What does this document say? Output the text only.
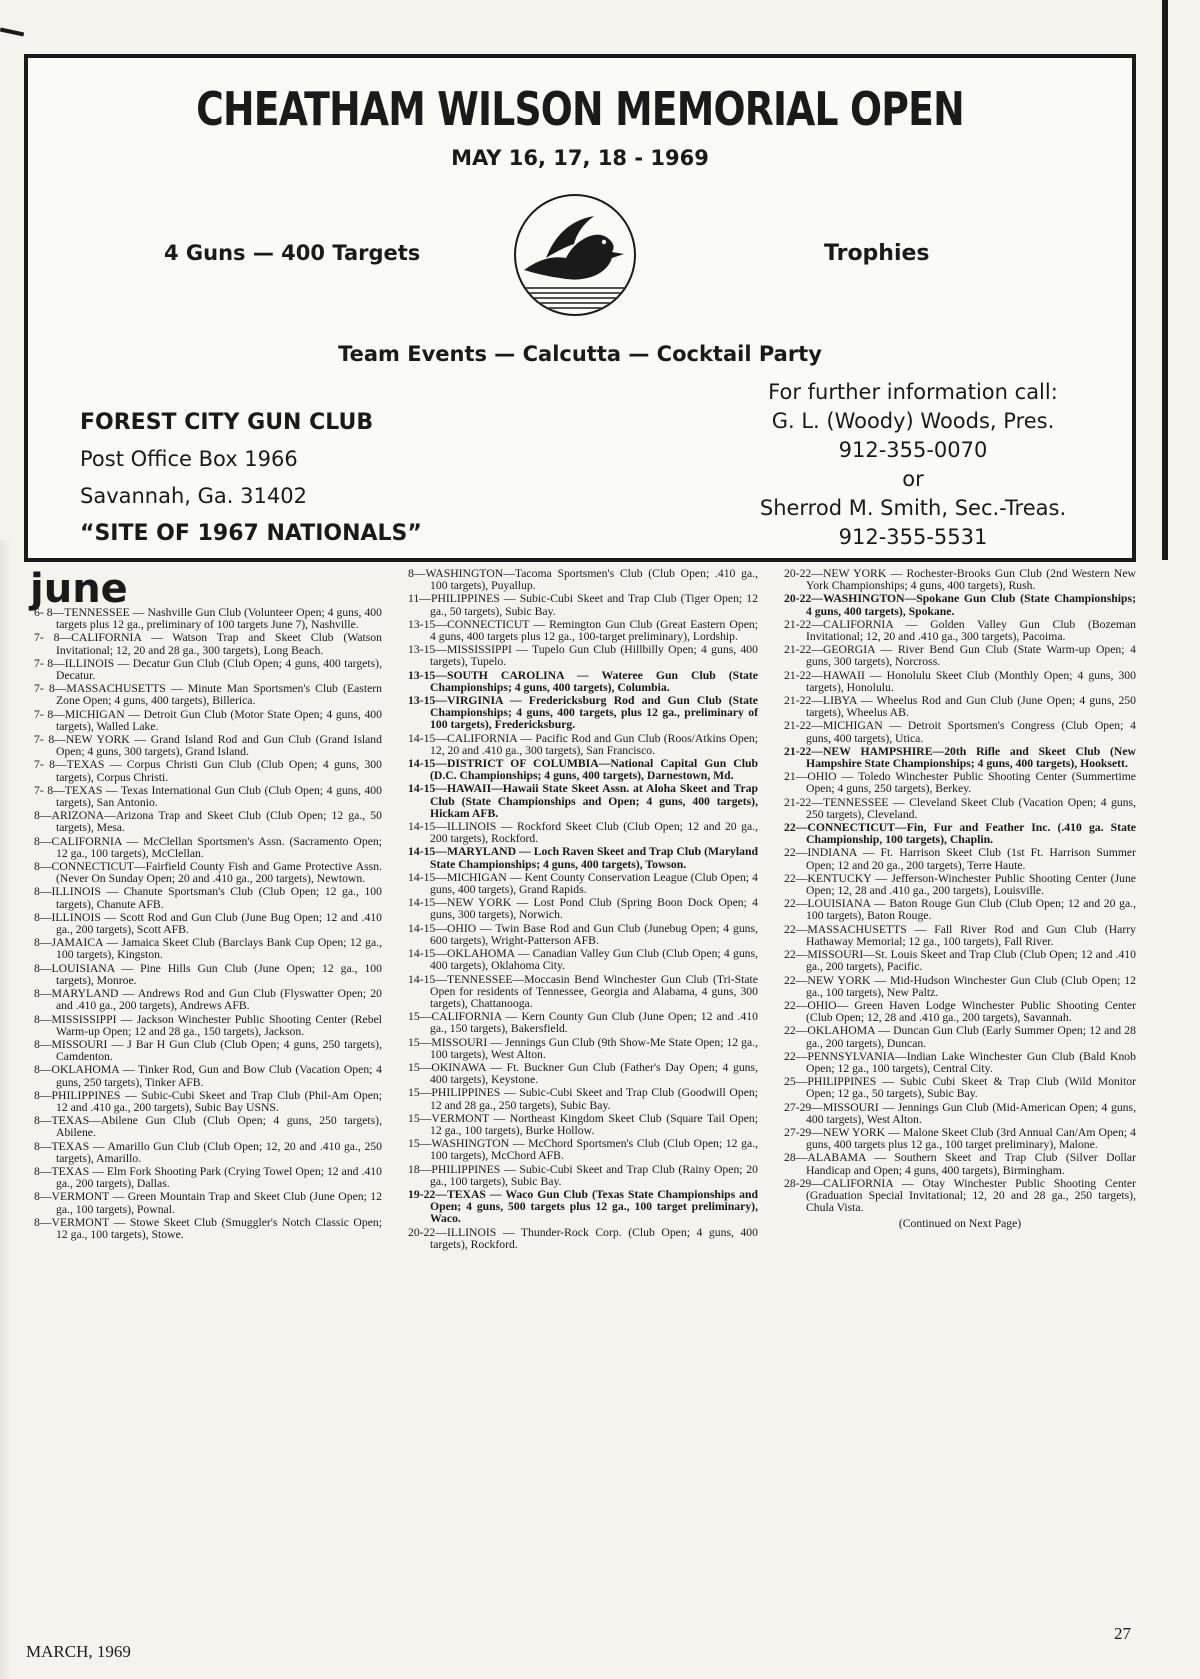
CHEATHAM WILSON MEMORIAL OPEN
MAY 16, 17, 18 - 1969
4 Guns — 400 Targets	Trophies
Team Events — Calcutta — Cocktail Party
FOREST CITY GUN CLUB
Post Office Box 1966
Savannah, Ga. 31402
“SITE OF 1967 NATIONALS”
For further information call:
G. L. (Woody) Woods, Pres.
912-355-0070
or
Sherrod M. Smith, Sec.-Treas.
912-355-5531
june
6- 8—TENNESSEE — Nashville Gun Club (Volunteer Open; 4 guns, 400 targets plus 12 ga., preliminary of 100 targets June 7), Nashville.
7- 8—CALIFORNIA — Watson Trap and Skeet Club (Watson Invitational; 12, 20 and 28 ga., 300 targets), Long Beach.
7- 8—ILLINOIS — Decatur Gun Club (Club Open; 4 guns, 400 targets), Decatur.
7- 8—MASSACHUSETTS — Minute Man Sportsmen's Club (Eastern Zone Open; 4 guns, 400 targets), Billerica.
7- 8—MICHIGAN — Detroit Gun Club (Motor State Open; 4 guns, 400 targets), Walled Lake.
7- 8—NEW YORK — Grand Island Rod and Gun Club (Grand Island Open; 4 guns, 300 targets), Grand Island.
7- 8—TEXAS — Corpus Christi Gun Club (Club Open; 4 guns, 300 targets), Corpus Christi.
7- 8—TEXAS — Texas International Gun Club (Club Open; 4 guns, 400 targets), San Antonio.
8—ARIZONA—Arizona Trap and Skeet Club (Club Open; 12 ga., 50 targets), Mesa.
8—CALIFORNIA — McClellan Sportsmen's Assn. (Sacramento Open; 12 ga., 100 targets), McClellan.
8—CONNECTICUT—Fairfield County Fish and Game Protective Assn. (Never On Sunday Open; 20 and .410 ga., 200 targets), Newtown.
8—ILLINOIS — Chanute Sportsman's Club (Club Open; 12 ga., 100 targets), Chanute AFB.
8—ILLINOIS — Scott Rod and Gun Club (June Bug Open; 12 and .410 ga., 200 targets), Scott AFB.
8—JAMAICA — Jamaica Skeet Club (Barclays Bank Cup Open; 12 ga., 100 targets), Kingston.
8—LOUISIANA — Pine Hills Gun Club (June Open; 12 ga., 100 targets), Monroe.
8—MARYLAND — Andrews Rod and Gun Club (Flyswatter Open; 20 and .410 ga., 200 targets), Andrews AFB.
8—MISSISSIPPI — Jackson Winchester Public Shooting Center (Rebel Warm-up Open; 12 and 28 ga., 150 targets), Jackson.
8—MISSOURI — J Bar H Gun Club (Club Open; 4 guns, 250 targets), Camdenton.
8—OKLAHOMA — Tinker Rod, Gun and Bow Club (Vacation Open; 4 guns, 250 targets), Tinker AFB.
8—PHILIPPINES — Subic-Cubi Skeet and Trap Club (Phil-Am Open; 12 and .410 ga., 200 targets), Subic Bay USNS.
8—TEXAS—Abilene Gun Club (Club Open; 4 guns, 250 targets), Abilene.
8—TEXAS — Amarillo Gun Club (Club Open; 12, 20 and .410 ga., 250 targets), Amarillo.
8—TEXAS — Elm Fork Shooting Park (Crying Towel Open; 12 and .410 ga., 200 targets), Dallas.
8—VERMONT — Green Mountain Trap and Skeet Club (June Open; 12 ga., 100 targets), Pownal.
8—VERMONT — Stowe Skeet Club (Smuggler's Notch Classic Open; 12 ga., 100 targets), Stowe.
8—WASHINGTON—Tacoma Sportsmen's Club (Club Open; .410 ga., 100 targets), Puyallup.
11—PHILIPPINES — Subic-Cubi Skeet and Trap Club (Tiger Open; 12 ga., 50 targets), Subic Bay.
13-15—CONNECTICUT — Remington Gun Club (Great Eastern Open; 4 guns, 400 targets plus 12 ga., 100-target preliminary), Lordship.
13-15—MISSISSIPPI — Tupelo Gun Club (Hillbilly Open; 4 guns, 400 targets), Tupelo.
13-15—SOUTH CAROLINA — Wateree Gun Club (State Championships; 4 guns, 400 targets), Columbia.
13-15—VIRGINIA — Fredericksburg Rod and Gun Club (State Championships; 4 guns, 400 targets, plus 12 ga., preliminary of 100 targets), Fredericksburg.
14-15—CALIFORNIA — Pacific Rod and Gun Club (Roos/Atkins Open; 12, 20 and .410 ga., 300 targets), San Francisco.
14-15—DISTRICT OF COLUMBIA—National Capital Gun Club (D.C. Championships; 4 guns, 400 targets), Darnestown, Md.
14-15—HAWAII—Hawaii State Skeet Assn. at Aloha Skeet and Trap Club (State Championships and Open; 4 guns, 400 targets), Hickam AFB.
14-15—ILLINOIS — Rockford Skeet Club (Club Open; 12 and 20 ga., 200 targets), Rockford.
14-15—MARYLAND — Loch Raven Skeet and Trap Club (Maryland State Championships; 4 guns, 400 targets), Towson.
14-15—MICHIGAN — Kent County Conservation League (Club Open; 4 guns, 400 targets), Grand Rapids.
14-15—NEW YORK — Lost Pond Club (Spring Boon Dock Open; 4 guns, 300 targets), Norwich.
14-15—OHIO — Twin Base Rod and Gun Club (Junebug Open; 4 guns, 600 targets), Wright-Patterson AFB.
14-15—OKLAHOMA — Canadian Valley Gun Club (Club Open; 4 guns, 400 targets), Oklahoma City.
14-15—TENNESSEE—Moccasin Bend Winchester Gun Club (Tri-State Open for residents of Tennessee, Georgia and Alabama, 4 guns, 300 targets), Chattanooga.
15—CALIFORNIA — Kern County Gun Club (June Open; 12 and .410 ga., 150 targets), Bakersfield.
15—MISSOURI — Jennings Gun Club (9th Show-Me State Open; 12 ga., 100 targets), West Alton.
15—OKINAWA — Ft. Buckner Gun Club (Father's Day Open; 4 guns, 400 targets), Keystone.
15—PHILIPPINES — Subic-Cubi Skeet and Trap Club (Goodwill Open; 12 and 28 ga., 250 targets), Subic Bay.
15—VERMONT — Northeast Kingdom Skeet Club (Square Tail Open; 12 ga., 100 targets), Burke Hollow.
15—WASHINGTON — McChord Sportsmen's Club (Club Open; 12 ga., 100 targets), McChord AFB.
18—PHILIPPINES — Subic-Cubi Skeet and Trap Club (Rainy Open; 20 ga., 100 targets), Subic Bay.
19-22—TEXAS — Waco Gun Club (Texas State Championships and Open; 4 guns, 500 targets plus 12 ga., 100 target preliminary), Waco.
20-22—ILLINOIS — Thunder-Rock Corp. (Club Open; 4 guns, 400 targets), Rockford.
20-22—NEW YORK — Rochester-Brooks Gun Club (2nd Western New York Championships; 4 guns, 400 targets), Rush.
20-22—WASHINGTON—Spokane Gun Club (State Championships; 4 guns, 400 targets), Spokane.
21-22—CALIFORNIA — Golden Valley Gun Club (Bozeman Invitational; 12, 20 and .410 ga., 300 targets), Pacoima.
21-22—GEORGIA — River Bend Gun Club (State Warm-up Open; 4 guns, 300 targets), Norcross.
21-22—HAWAII — Honolulu Skeet Club (Monthly Open; 4 guns, 300 targets), Honolulu.
21-22—LIBYA — Wheelus Rod and Gun Club (June Open; 4 guns, 250 targets), Wheelus AB.
21-22—MICHIGAN — Detroit Sportsmen's Congress (Club Open; 4 guns, 400 targets), Utica.
21-22—NEW HAMPSHIRE—20th Rifle and Skeet Club (New Hampshire State Championships; 4 guns, 400 targets), Hooksett.
21—OHIO — Toledo Winchester Public Shooting Center (Summertime Open; 4 guns, 250 targets), Berkey.
21-22—TENNESSEE — Cleveland Skeet Club (Vacation Open; 4 guns, 250 targets), Cleveland.
22—CONNECTICUT—Fin, Fur and Feather Inc. (.410 ga. State Championship, 100 targets), Chaplin.
22—INDIANA — Ft. Harrison Skeet Club (1st Ft. Harrison Summer Open; 12 and 20 ga., 200 targets), Terre Haute.
22—KENTUCKY — Jefferson-Winchester Public Shooting Center (June Open; 12, 28 and .410 ga., 200 targets), Louisville.
22—LOUISIANA — Baton Rouge Gun Club (Club Open; 12 and 20 ga., 100 targets), Baton Rouge.
22—MASSACHUSETTS — Fall River Rod and Gun Club (Harry Hathaway Memorial; 12 ga., 100 targets), Fall River.
22—MISSOURI—St. Louis Skeet and Trap Club (Club Open; 12 and .410 ga., 200 targets), Pacific.
22—NEW YORK — Mid-Hudson Winchester Gun Club (Club Open; 12 ga., 100 targets), New Paltz.
22—OHIO— Green Haven Lodge Winchester Public Shooting Center (Club Open; 12, 28 and .410 ga., 200 targets), Savannah.
22—OKLAHOMA — Duncan Gun Club (Early Summer Open; 12 and 28 ga., 200 targets), Duncan.
22—PENNSYLVANIA—Indian Lake Winchester Gun Club (Bald Knob Open; 12 ga., 100 targets), Central City.
25—PHILIPPINES — Subic Cubi Skeet & Trap Club (Wild Monitor Open; 12 ga., 50 targets), Subic Bay.
27-29—MISSOURI — Jennings Gun Club (Mid-American Open; 4 guns, 400 targets), West Alton.
27-29—NEW YORK — Malone Skeet Club (3rd Annual Can/Am Open; 4 guns, 400 targets plus 12 ga., 100 target preliminary), Malone.
28—ALABAMA — Southern Skeet and Trap Club (Silver Dollar Handicap and Open; 4 guns, 400 targets), Birmingham.
28-29—CALIFORNIA — Otay Winchester Public Shooting Center (Graduation Special Invitational; 12, 20 and 28 ga., 250 targets), Chula Vista.
(Continued on Next Page)
MARCH, 1969
27
